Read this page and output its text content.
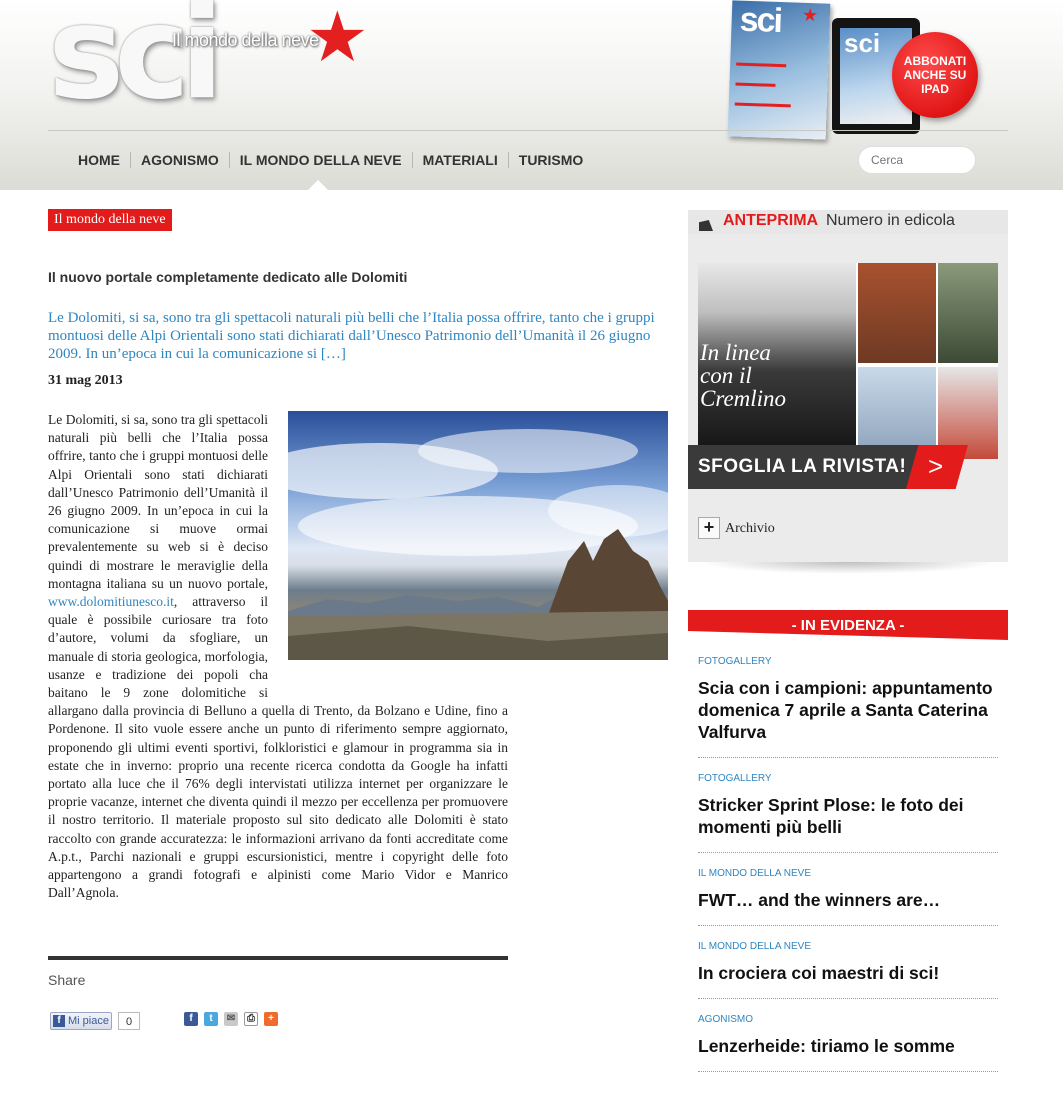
sci
Il mondo della neve
★	sci ★
sci
ABBONATI ANCHE SU IPAD
HOME	AGONISMO	IL MONDO DELLA NEVE	MATERIALI	TURISMO
Cerca
Il mondo della neve
Il nuovo portale completamente dedicato alle Dolomiti
Le Dolomiti, si sa, sono tra gli spettacoli naturali più belli che l’Italia possa offrire, tanto che i gruppi montuosi delle Alpi Orientali sono stati dichiarati dall’Unesco Patrimonio dell’Umanità il 26 giugno 2009. In un’epoca in cui la comunicazione si […]
31 mag 2013
Le Dolomiti, si sa, sono tra gli spettacoli naturali più belli che l’Italia possa offrire, tanto che i gruppi montuosi delle Alpi Orientali sono stati dichiarati dall’Unesco Patrimonio dell’Umanità il 26 giugno 2009. In un’epoca in cui la comunicazione si muove ormai prevalentemente su web si è deciso quindi di mostrare le meraviglie della montagna italiana su un nuovo portale, www.dolomitiunesco.it, attraverso il quale è possibile curiosare tra foto d’autore, volumi da sfogliare, un manuale di storia geologica, morfologia, usanze e tradizione dei popoli cha baitano le 9 zone dolomitiche si allargano dalla provincia di Belluno a quella di Trento, da Bolzano e Udine, fino a Pordenone. Il sito vuole essere anche un punto di riferimento sempre aggiornato, proponendo gli ultimi eventi sportivi, folkloristici e glamour in programma sia in estate che in inverno: proprio una recente ricerca condotta da Google ha infatti portato alla luce che il 76% degli intervistati utilizza internet per organizzare le proprie vacanze, internet che diventa quindi il mezzo per eccellenza per promuovere il nostro territorio. Il materiale proposto sul sito dedicato alle Dolomiti è stato raccolto con grande accuratezza: le informazioni arrivano da fonti accreditate come A.p.t., Parchi nazionali e gruppi escursionistici, mentre i copyright delle foto appartengono a grandi fotografi e alpinisti come Mario Vidor e Manrico Dall’Agnola.
Share
f Mi piace	0	f	t	✉	⎙	+
ANTEPRIMA Numero in edicola
In linea
con il
Cremlino
SFOGLIA LA RIVISTA! >
+ Archivio
- IN EVIDENZA -

FOTOGALLERY

Scia con i campioni: appuntamento domenica 7 aprile a Santa Caterina Valfurva

FOTOGALLERY

Stricker Sprint Plose: le foto dei momenti più belli

IL MONDO DELLA NEVE

FWT… and the winners are…

IL MONDO DELLA NEVE

In crociera coi maestri di sci!

AGONISMO

Lenzerheide: tiriamo le somme
